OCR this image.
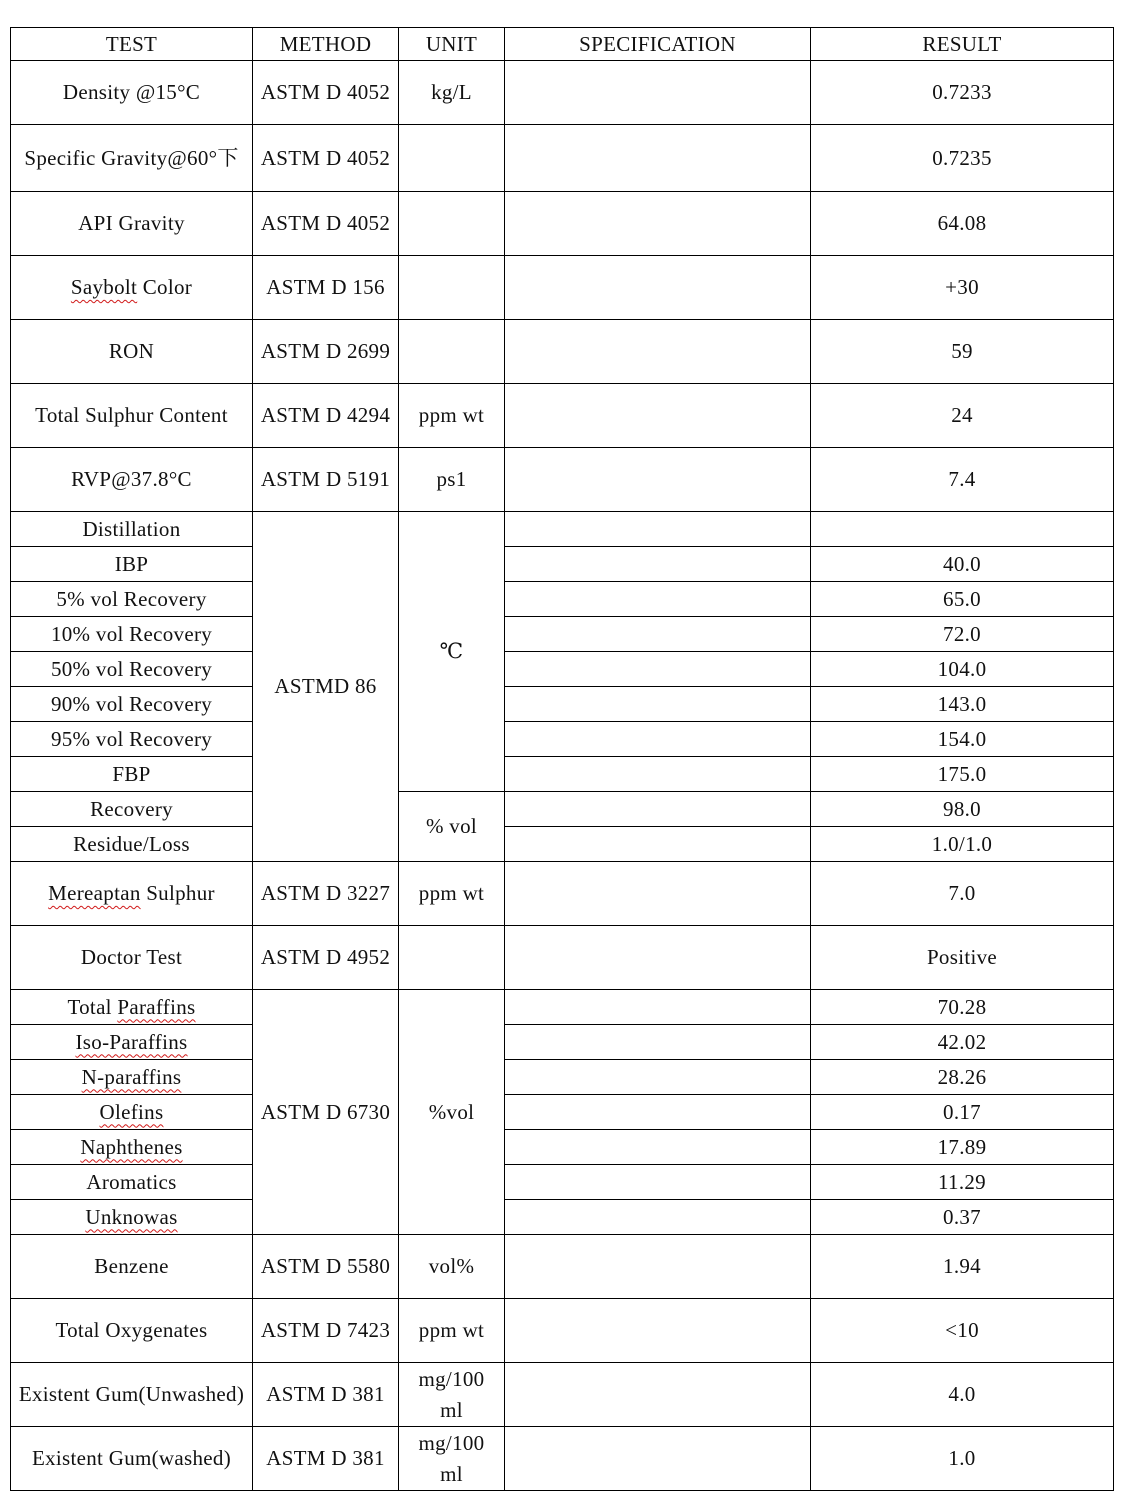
TEST	METHOD	UNIT	SPECIFICATION	RESULT
Density @15°C	ASTM D 4052	kg/L		0.7233
Specific Gravity@60°下	ASTM D 4052			0.7235
API Gravity	ASTM D 4052			64.08
Saybolt Color	ASTM D 156			+30
RON	ASTM D 2699			59
Total Sulphur Content	ASTM D 4294	ppm wt		24
RVP@37.8°C	ASTM D 5191	ps1		7.4
Distillation	ASTMD 86	℃		
IBP				40.0
5% vol Recovery				65.0
10% vol Recovery				72.0
50% vol Recovery				104.0
90% vol Recovery				143.0
95% vol Recovery				154.0
FBP				175.0
Recovery		% vol		98.0
Residue/Loss				1.0/1.0
Mereaptan Sulphur	ASTM D 3227	ppm wt		7.0
Doctor Test	ASTM D 4952			Positive
Total Paraffins	ASTM D 6730	%vol		70.28
Iso-Paraffins				42.02
N-paraffins				28.26
Olefins				0.17
Naphthenes				17.89
Aromatics				11.29
Unknowas				0.37
Benzene	ASTM D 5580	vol%		1.94
Total Oxygenates	ASTM D 7423	ppm wt		<10
Existent Gum(Unwashed)	ASTM D 381	mg/100 ml		4.0
Existent Gum(washed)	ASTM D 381	mg/100 ml		1.0
